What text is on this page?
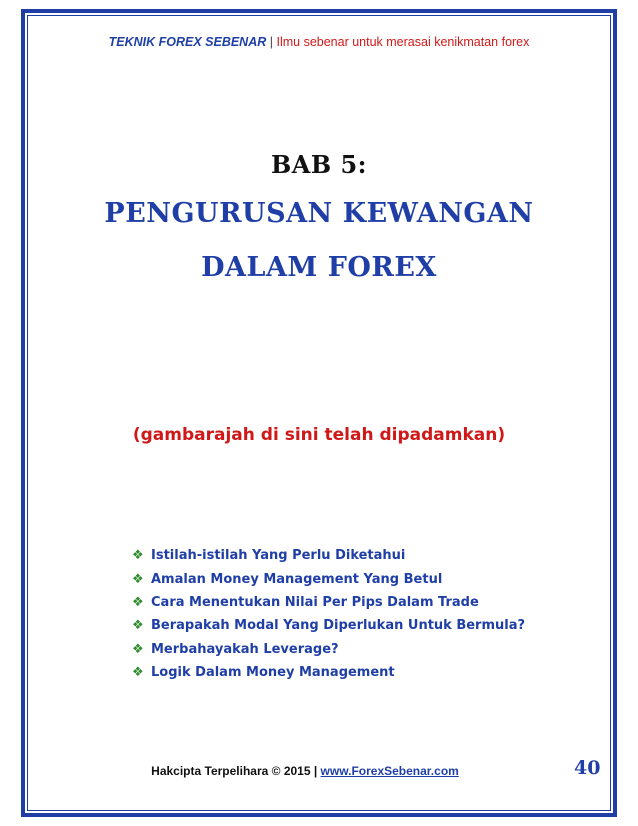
TEKNIK FOREX SEBENAR | Ilmu sebenar untuk merasai kenikmatan forex
BAB 5:
PENGURUSAN KEWANGAN
DALAM FOREX
(gambarajah di sini telah dipadamkan)
❖ Istilah-istilah Yang Perlu Diketahui
❖ Amalan Money Management Yang Betul
❖ Cara Menentukan Nilai Per Pips Dalam Trade
❖ Berapakah Modal Yang Diperlukan Untuk Bermula?
❖ Merbahayakah Leverage?
❖ Logik Dalam Money Management
Hakcipta Terpelihara © 2015 | www.ForexSebenar.com	40
